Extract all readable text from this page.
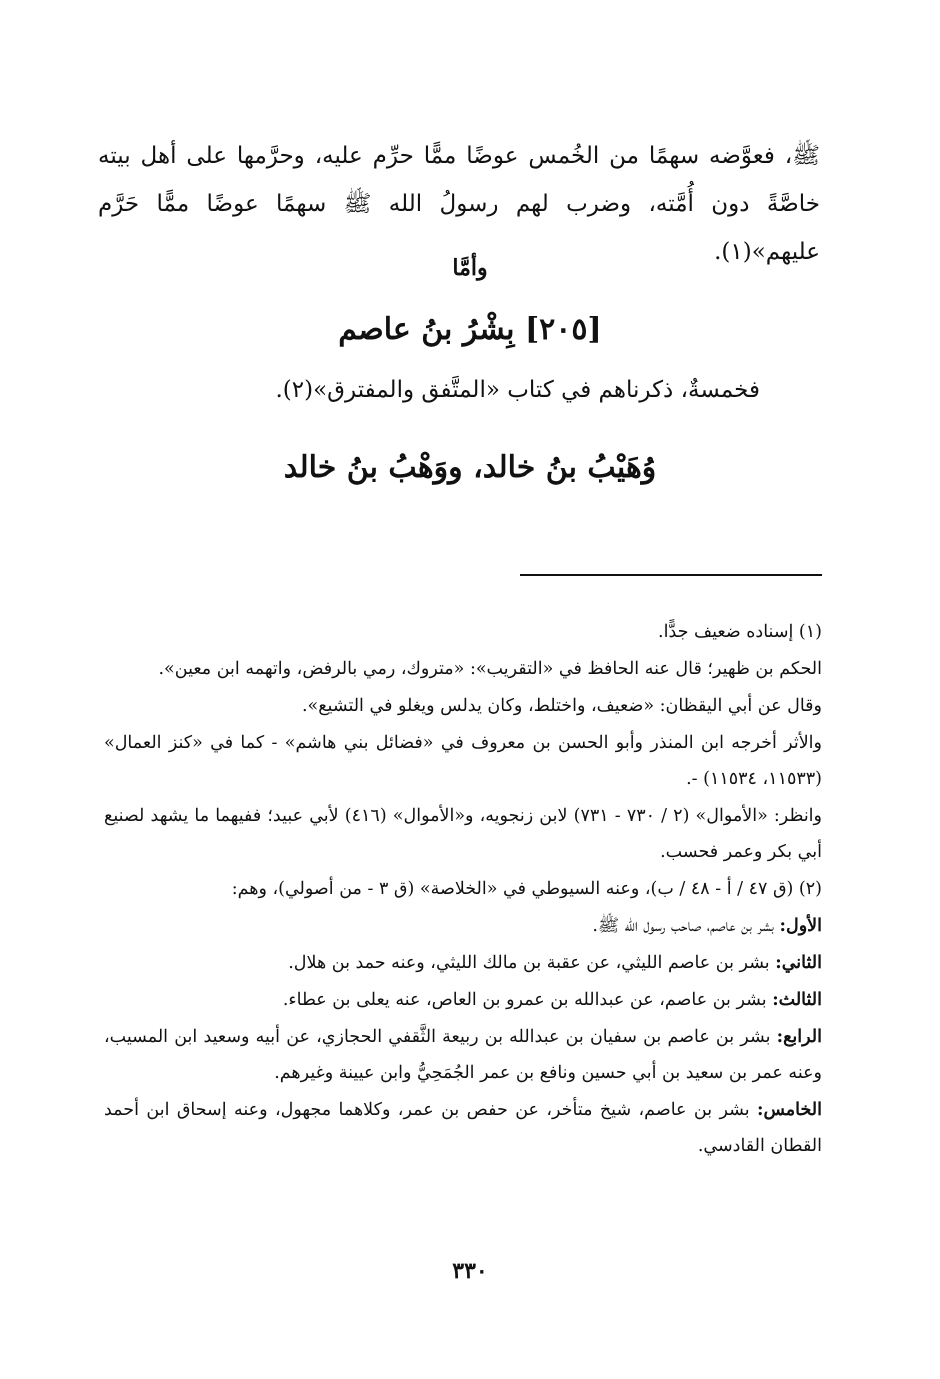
ﷺ، فعوَّضه سهمًا من الخُمس عوضًا ممًّا حرِّم عليه، وحرَّمها على أهل بيته خاصَّةً دون أُمَّته، وضرب لهم رسولُ الله ﷺ سهمًا عوضًا ممًّا حَرَّم عليهم»(١).
وأمَّا
[٢٠٥] بِشْرُ بنُ عاصم
فخمسةٌ، ذكرناهم في كتاب «المتَّفق والمفترق»(٢).
وُهَيْبُ بنُ خالد، ووَهْبُ بنُ خالد

(١) إسناده ضعيف جدًّا.

الحكم بن ظهير؛ قال عنه الحافظ في «التقريب»: «متروك، رمي بالرفض، واتهمه ابن معين».

وقال عن أبي اليقظان: «ضعيف، واختلط، وكان يدلس ويغلو في التشيع».

والأثر أخرجه ابن المنذر وأبو الحسن بن معروف في «فضائل بني هاشم» - كما في «كنز العمال» (١١٥٣٣، ١١٥٣٤) -.

وانظر: «الأموال» (٢ / ٧٣٠ - ٧٣١) لابن زنجويه، و«الأموال» (٤١٦) لأبي عبيد؛ ففيهما ما يشهد لصنيع أبي بكر وعمر فحسب.

(٢) (ق ٤٧ / أ - ٤٨ / ب)، وعنه السيوطي في «الخلاصة» (ق ٣ - من أصولي)، وهم:

الأول: بشر بن عاصم، صاحب رسول الله ﷺ.

الثاني: بشر بن عاصم الليثي، عن عقبة بن مالك الليثي، وعنه حمد بن هلال.

الثالث: بشر بن عاصم، عن عبدالله بن عمرو بن العاص، عنه يعلى بن عطاء.

الرابع: بشر بن عاصم بن سفيان بن عبدالله بن ربيعة الثَّقفي الحجازي، عن أبيه وسعيد ابن المسيب، وعنه عمر بن سعيد بن أبي حسين ونافع بن عمر الجُمَحِيُّ وابن عيينة وغيرهم.

الخامس: بشر بن عاصم، شيخ متأخر، عن حفص بن عمر، وكلاهما مجهول، وعنه إسحاق ابن أحمد القطان القادسي.

٣٣٠
